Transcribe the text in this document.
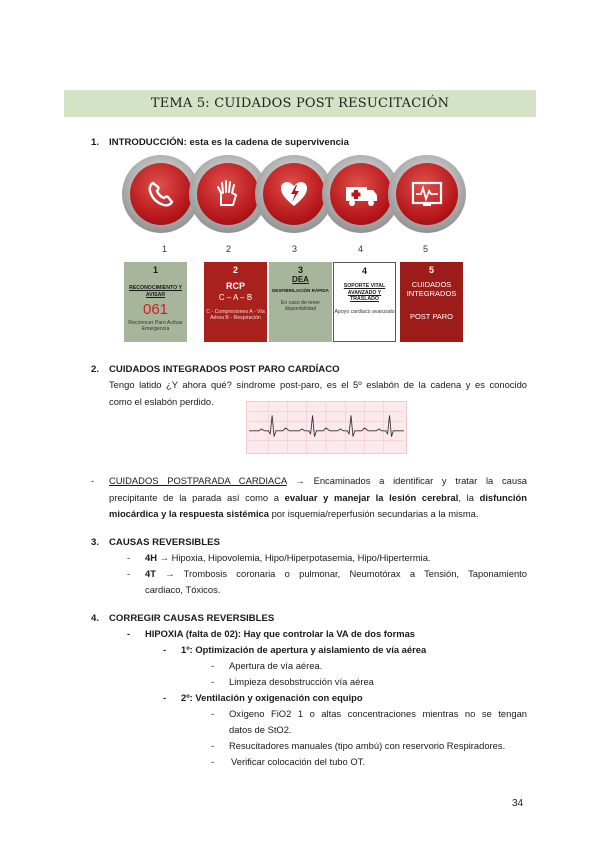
TEMA 5: CUIDADOS POST RESUCITACIÓN
1. INTRODUCCIÓN: esta es la cadena de supervivencia
1	2	3	4	5
1
RECONOCIMIENTO Y AVISAR
061
Reconocer Paro Activar Emergencia
2
RCP
C – A – B
C - Compresiones A - Vía Aérea B - Respiración
3
DEA
DESFIBRILACIÓN RÁPIDA
En caso de tener disponibilidad
4
SOPORTE VITAL AVANZADO Y TRASLADO
Apoyo cardíaco avanzado
5
CUIDADOS INTEGRADOS
POST PARO
2. CUIDADOS INTEGRADOS POST PARO CARDÍACO
Tengo latido ¿Y ahora qué? síndrome post-paro, es el 5º eslabón de la cadena y es conocido
como el eslabón perdido.
- CUIDADOS POSTPARADA CARDIACA → Encaminados a identificar y tratar la causa
precipitante de la parada así como a evaluar y manejar la lesión cerebral, la disfunción
miocárdica y la respuesta sistémica por isquemia/reperfusión secundarias a la misma.
3. CAUSAS REVERSIBLES
- 4H → Hipoxia, Hipovolemia, Hipo/Hiperpotasemia, Hipo/Hipertermia.
- 4T → Trombosis coronaria o pulmonar, Neumotórax a Tensión, Taponamiento
cardiaco, Tóxicos.
4. CORREGIR CAUSAS REVERSIBLES
- HIPOXIA (falta de 02): Hay que controlar la VA de dos formas
- 1º: Optimización de apertura y aislamiento de vía aérea
- Apertura de vía aérea.
- Limpieza desobstrucción vía aérea
- 2º: Ventilación y oxigenación con equipo
- Oxígeno FiO2 1 o altas concentraciones mientras no se tengan
datos de StO2.
- Resucitadores manuales (tipo ambú) con reservorio Respiradores.
- Verificar colocación del tubo OT.
34
